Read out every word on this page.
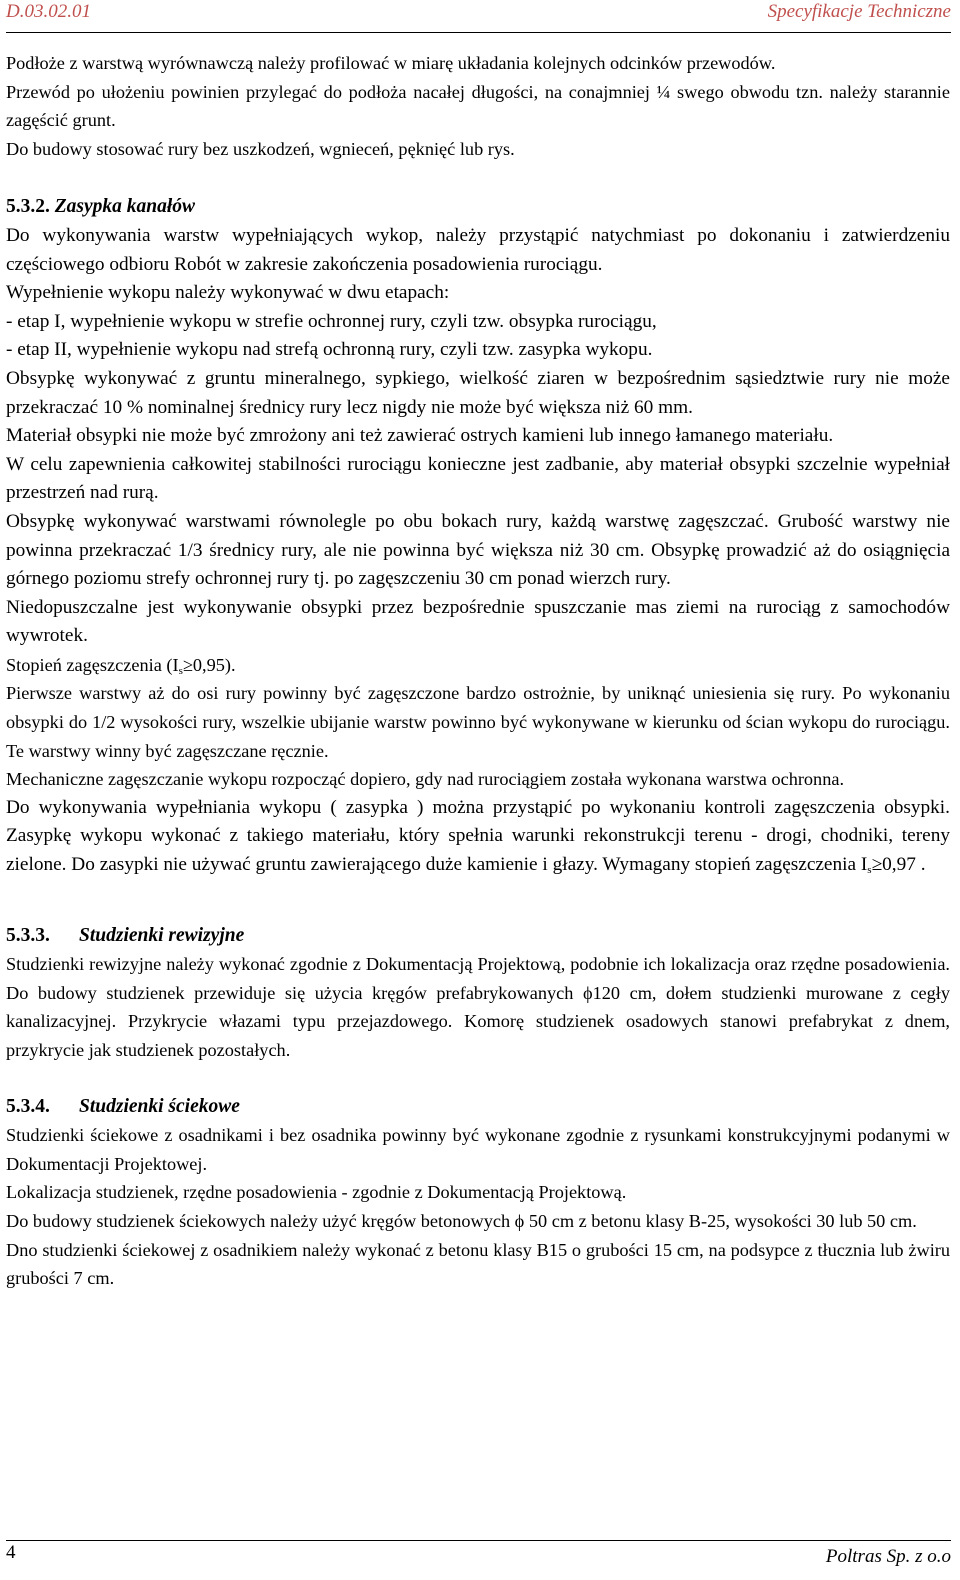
D.03.02.01	Specyfikacje Techniczne

Podłoże z warstwą wyrównawczą należy profilować w miarę układania kolejnych odcinków przewodów.

Przewód po ułożeniu powinien przylegać do podłoża nacałej długości, na conajmniej ¼ swego obwodu tzn. należy starannie zagęścić grunt.

Do budowy stosować rury bez uszkodzeń, wgnieceń, pęknięć lub rys.

5.3.2. Zasypka kanałów

Do wykonywania warstw wypełniających wykop, należy przystąpić natychmiast po dokonaniu i zatwierdzeniu częściowego odbioru Robót w zakresie zakończenia posadowienia rurociągu.

Wypełnienie wykopu należy wykonywać w dwu etapach:

- etap I, wypełnienie wykopu w strefie ochronnej rury, czyli tzw. obsypka rurociągu,

- etap II, wypełnienie wykopu nad strefą ochronną rury, czyli tzw. zasypka wykopu.

Obsypkę wykonywać z gruntu mineralnego, sypkiego, wielkość ziaren w bezpośrednim sąsiedztwie rury nie może przekraczać 10 % nominalnej średnicy rury lecz nigdy nie może być większa niż 60 mm.

Materiał obsypki nie może być zmrożony ani też zawierać ostrych kamieni lub innego łamanego materiału.

W celu zapewnienia całkowitej stabilności rurociągu konieczne jest zadbanie, aby materiał obsypki szczelnie wypełniał przestrzeń nad rurą.

Obsypkę wykonywać warstwami równolegle po obu bokach rury, każdą warstwę zagęszczać. Grubość warstwy nie powinna przekraczać 1/3 średnicy rury, ale nie powinna być większa niż 30 cm. Obsypkę prowadzić aż do osiągnięcia górnego poziomu strefy ochronnej rury tj. po zagęszczeniu 30 cm ponad wierzch rury.

Niedopuszczalne jest wykonywanie obsypki przez bezpośrednie spuszczanie mas ziemi na rurociąg z samochodów wywrotek.

Stopień zagęszczenia $(I_s\ge 0,95)$.

Pierwsze warstwy aż do osi rury powinny być zagęszczone bardzo ostrożnie, by uniknąć uniesienia się rury. Po wykonaniu obsypki do 1/2 wysokości rury, wszelkie ubijanie warstw powinno być wykonywane w kierunku od ścian wykopu do rurociągu. Te warstwy winny być zagęszczane ręcznie.

Mechaniczne zagęszczanie wykopu rozpocząć dopiero, gdy nad rurociągiem została wykonana warstwa ochronna.

Do wykonywania wypełniania wykopu ( zasypka ) można przystąpić po wykonaniu kontroli zagęszczenia obsypki. Zasypkę wykopu wykonać z takiego materiału, który spełnia warunki rekonstrukcji terenu - drogi, chodniki, tereny zielone. Do zasypki nie używać gruntu zawierającego duże kamienie i głazy. Wymagany stopień zagęszczenia $I_s\ge 0,97$ .

5.3.3. Studzienki rewizyjne

Studzienki rewizyjne należy wykonać zgodnie z Dokumentacją Projektową, podobnie ich lokalizacja oraz rzędne posadowienia. Do budowy studzienek przewiduje się użycia kręgów prefabrykowanych ϕ120 cm, dołem studzienki murowane z cegły kanalizacyjnej. Przykrycie włazami typu przejazdowego. Komorę studzienek osadowych stanowi prefabrykat z dnem, przykrycie jak studzienek pozostałych.

5.3.4. Studzienki ściekowe

Studzienki ściekowe z osadnikami i bez osadnika powinny być wykonane zgodnie z rysunkami konstrukcyjnymi podanymi w Dokumentacji Projektowej.

Lokalizacja studzienek, rzędne posadowienia - zgodnie z Dokumentacją Projektową.

Do budowy studzienek ściekowych należy użyć kręgów betonowych ϕ 50 cm z betonu klasy B-25, wysokości 30 lub 50 cm.

Dno studzienki ściekowej z osadnikiem należy wykonać z betonu klasy B15 o grubości 15 cm, na podsypce z tłucznia lub żwiru grubości 7 cm.

4	Poltras Sp. z o.o
